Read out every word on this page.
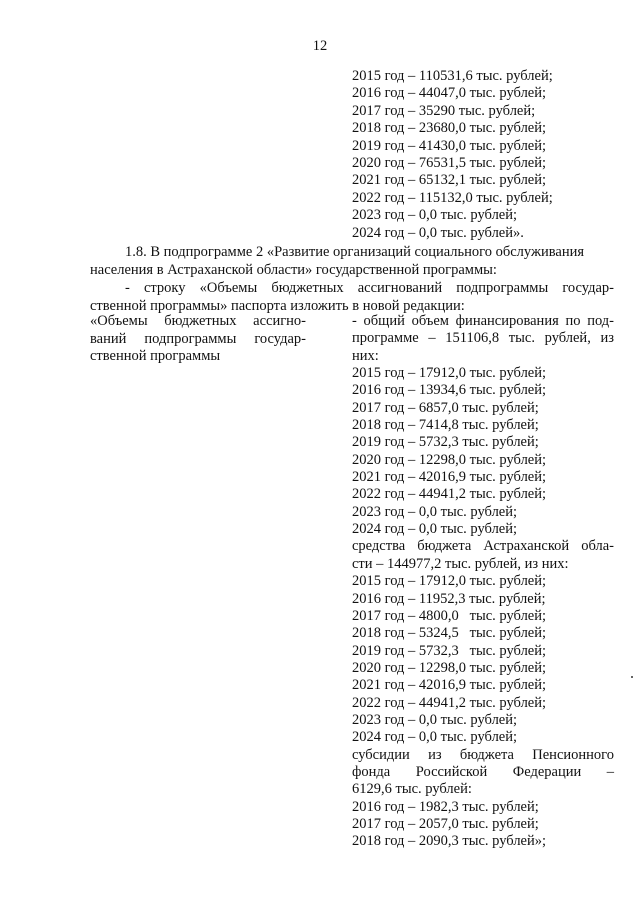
12
2015 год – 110531,6 тыс. рублей;
2016 год – 44047,0 тыс. рублей;
2017 год – 35290 тыс. рублей;
2018 год – 23680,0 тыс. рублей;
2019 год – 41430,0 тыс. рублей;
2020 год – 76531,5 тыс. рублей;
2021 год – 65132,1 тыс. рублей;
2022 год – 115132,0 тыс. рублей;
2023 год – 0,0 тыс. рублей;
2024 год – 0,0 тыс. рублей».
1.8. В подпрограмме 2 «Развитие организаций социального обслуживания
населения в Астраханской области» государственной программы:
- строку «Объемы бюджетных ассигнований подпрограммы государ-
ственной программы» паспорта изложить в новой редакции:
«Объемы бюджетных ассигно-
ваний подпрограммы государ-
ственной программы
- общий объем финансирования по под-
программе – 151106,8 тыс. рублей, из
них:
2015 год – 17912,0 тыс. рублей;
2016 год – 13934,6 тыс. рублей;
2017 год – 6857,0 тыс. рублей;
2018 год – 7414,8 тыс. рублей;
2019 год – 5732,3 тыс. рублей;
2020 год – 12298,0 тыс. рублей;
2021 год – 42016,9 тыс. рублей;
2022 год – 44941,2 тыс. рублей;
2023 год – 0,0 тыс. рублей;
2024 год – 0,0 тыс. рублей;
средства бюджета Астраханской обла-
сти – 144977,2 тыс. рублей, из них:
2015 год – 17912,0 тыс. рублей;
2016 год – 11952,3 тыс. рублей;
2017 год – 4800,0   тыс. рублей;
2018 год – 5324,5   тыс. рублей;
2019 год – 5732,3   тыс. рублей;
2020 год – 12298,0 тыс. рублей;
2021 год – 42016,9 тыс. рублей;
2022 год – 44941,2 тыс. рублей;
2023 год – 0,0 тыс. рублей;
2024 год – 0,0 тыс. рублей;
субсидии из бюджета Пенсионного
фонда Российской Федерации –
6129,6 тыс. рублей:
2016 год – 1982,3 тыс. рублей;
2017 год – 2057,0 тыс. рублей;
2018 год – 2090,3 тыс. рублей»;
